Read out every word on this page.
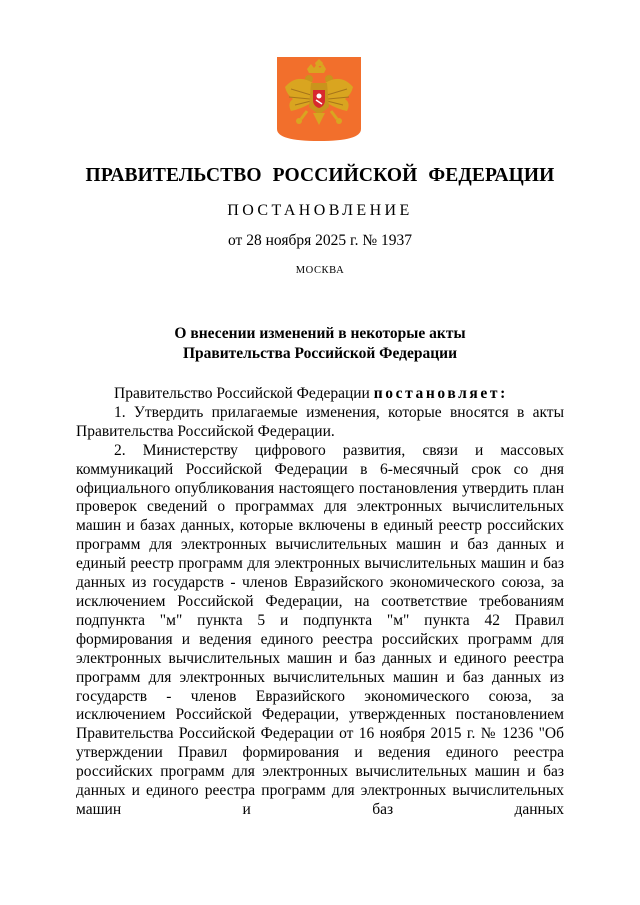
ПРАВИТЕЛЬСТВО РОССИЙСКОЙ ФЕДЕРАЦИИ
ПОСТАНОВЛЕНИЕ
от 28 ноября 2025 г. № 1937
МОСКВА
О внесении изменений в некоторые акты
Правительства Российской Федерации

Правительство Российской Федерации постановляет:

1. Утвердить прилагаемые изменения, которые вносятся в акты Правительства Российской Федерации.

2. Министерству цифрового развития, связи и массовых коммуникаций Российской Федерации в 6-месячный срок со дня официального опубликования настоящего постановления утвердить план проверок сведений о программах для электронных вычислительных машин и базах данных, которые включены в единый реестр российских программ для электронных вычислительных машин и баз данных и единый реестр программ для электронных вычислительных машин и баз данных из государств - членов Евразийского экономического союза, за исключением Российской Федерации, на соответствие требованиям подпункта "м" пункта 5 и подпункта "м" пункта 42 Правил формирования и ведения единого реестра российских программ для электронных вычислительных машин и баз данных и единого реестра программ для электронных вычислительных машин и баз данных из государств - членов Евразийского экономического союза, за исключением Российской Федерации, утвержденных постановлением Правительства Российской Федерации от 16 ноября 2015 г. № 1236 "Об утверждении Правил формирования и ведения единого реестра российских программ для электронных вычислительных машин и баз данных и единого реестра программ для электронных вычислительных машин и баз данных
